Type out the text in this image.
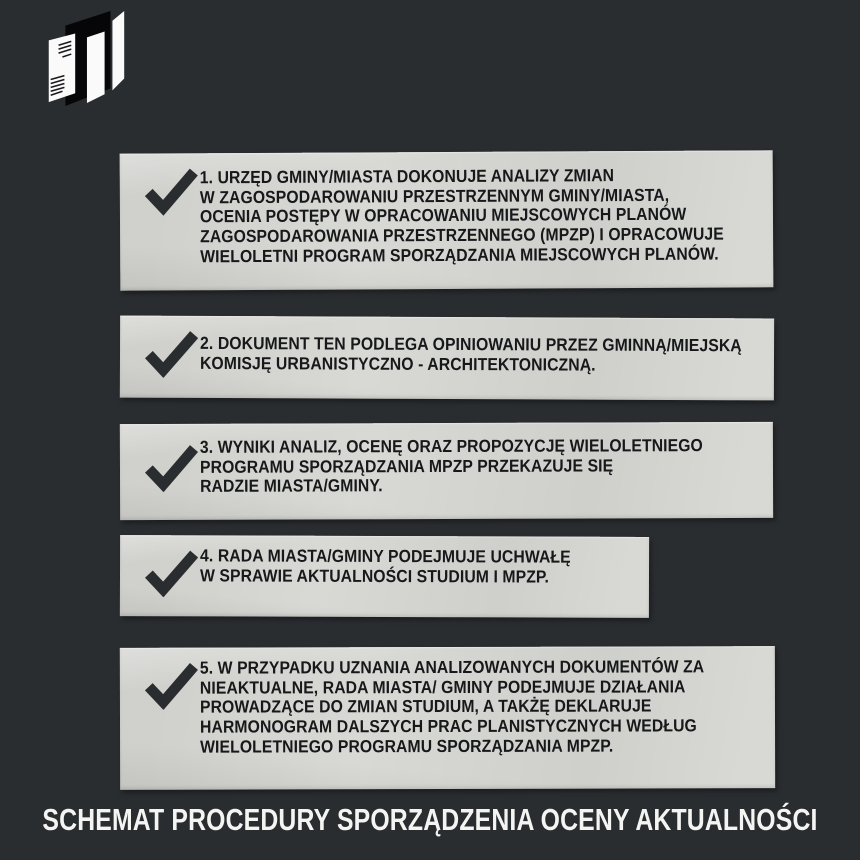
1. URZĘD GMINY/MIASTA DOKONUJE ANALIZY ZMIAN
W ZAGOSPODAROWANIU PRZESTRZENNYM GMINY/MIASTA,
OCENIA POSTĘPY W OPRACOWANIU MIEJSCOWYCH PLANÓW
ZAGOSPODAROWANIA PRZESTRZENNEGO (MPZP) I OPRACOWUJE
WIELOLETNI PROGRAM SPORZĄDZANIA MIEJSCOWYCH PLANÓW.
2. DOKUMENT TEN PODLEGA OPINIOWANIU PRZEZ GMINNĄ/MIEJSKĄ
KOMISJĘ URBANISTYCZNO - ARCHITEKTONICZNĄ.
3. WYNIKI ANALIZ, OCENĘ ORAZ PROPOZYCJĘ WIELOLETNIEGO
PROGRAMU SPORZĄDZANIA MPZP PRZEKAZUJE SIĘ
RADZIE MIASTA/GMINY.
4. RADA MIASTA/GMINY PODEJMUJE UCHWAŁĘ
W SPRAWIE AKTUALNOŚCI STUDIUM I MPZP.
5. W PRZYPADKU UZNANIA ANALIZOWANYCH DOKUMENTÓW ZA
NIEAKTUALNE, RADA MIASTA/ GMINY PODEJMUJE DZIAŁANIA
PROWADZĄCE DO ZMIAN STUDIUM, A TAKŻĘ DEKLARUJE
HARMONOGRAM DALSZYCH PRAC PLANISTYCZNYCH WEDŁUG
WIELOLETNIEGO PROGRAMU SPORZĄDZANIA MPZP.
SCHEMAT PROCEDURY SPORZĄDZENIA OCENY AKTUALNOŚCI
